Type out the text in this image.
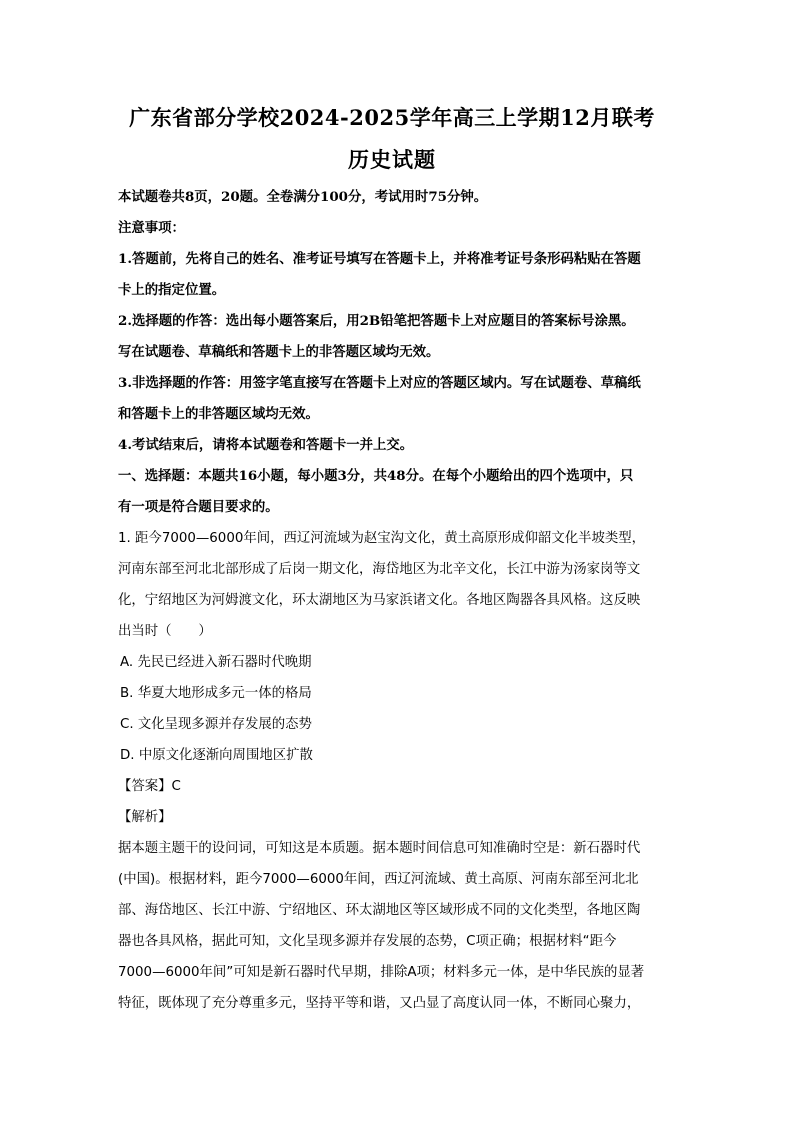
广东省部分学校2024-2025学年高三上学期12月联考
历史试题

本试题卷共8页，20题。全卷满分100分，考试用时75分钟。

注意事项：

1.答题前，先将自己的姓名、准考证号填写在答题卡上，并将准考证号条形码粘贴在答题

卡上的指定位置。

2.选择题的作答：选出每小题答案后，用2B铅笔把答题卡上对应题目的答案标号涂黑。

写在试题卷、草稿纸和答题卡上的非答题区域均无效。

3.非选择题的作答：用签字笔直接写在答题卡上对应的答题区域内。写在试题卷、草稿纸

和答题卡上的非答题区域均无效。

4.考试结束后，请将本试题卷和答题卡一并上交。

一、选择题：本题共16小题，每小题3分，共48分。在每个小题给出的四个选项中，只

有一项是符合题目要求的。

1. 距今7000—6000年间，西辽河流域为赵宝沟文化，黄土高原形成仰韶文化半坡类型，

河南东部至河北北部形成了后岗一期文化，海岱地区为北辛文化，长江中游为汤家岗等文

化，宁绍地区为河姆渡文化，环太湖地区为马家浜诸文化。各地区陶器各具风格。这反映

出当时（　　）

A. 先民已经进入新石器时代晚期

B. 华夏大地形成多元一体的格局

C. 文化呈现多源并存发展的态势

D. 中原文化逐渐向周围地区扩散

【答案】C

【解析】

据本题主题干的设问词，可知这是本质题。据本题时间信息可知准确时空是：新石器时代

(中国)。根据材料，距今7000—6000年间，西辽河流域、黄土高原、河南东部至河北北

部、海岱地区、长江中游、宁绍地区、环太湖地区等区域形成不同的文化类型，各地区陶

器也各具风格，据此可知，文化呈现多源并存发展的态势，C项正确；根据材料“距今

7000—6000年间”可知是新石器时代早期，排除A项；材料多元一体，是中华民族的显著

特征，既体现了充分尊重多元，坚持平等和谐，又凸显了高度认同一体，不断同心聚力，
